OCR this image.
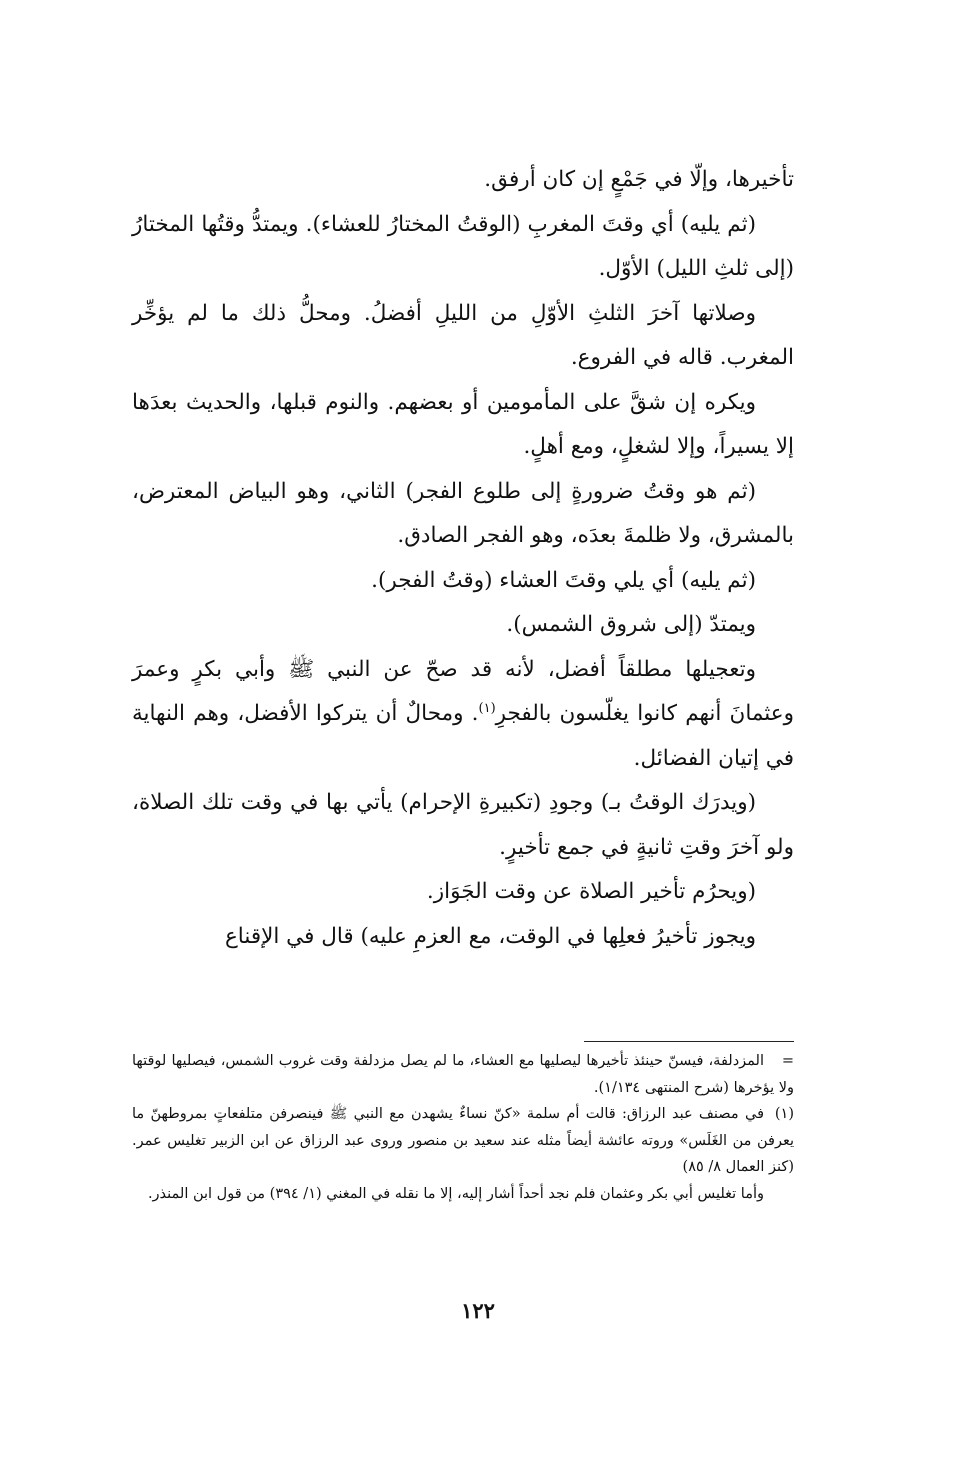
تأخيرها، وإلّا في جَمْعٍ إن كان أرفق.

(ثم يليه) أي وقتَ المغربِ (الوقتُ المختارُ للعشاء). ويمتدُّ وقتُها المختارُ (إلى ثلثِ الليل) الأوّل.

وصلاتها آخرَ الثلثِ الأوّلِ من الليلِ أفضلُ. ومحلُّ ذلك ما لم يؤخِّر المغرب. قاله في الفروع.

ويكره إن شقَّ على المأمومين أو بعضهم. والنوم قبلها، والحديث بعدَها إلا يسيراً، وإلا لشغلٍ، ومع أهلٍ.

(ثم هو وقتُ ضرورةٍ إلى طلوع الفجر) الثاني، وهو البياض المعترض، بالمشرق، ولا ظلمةَ بعدَه، وهو الفجر الصادق.

(ثم يليه) أي يلي وقتَ العشاء (وقتُ الفجر).

ويمتدّ (إلى شروق الشمس).

وتعجيلها مطلقاً أفضل، لأنه قد صحّ عن النبي ﷺ وأبي بكرٍ وعمرَ وعثمانَ أنهم كانوا يغلّسون بالفجرِ$^{(١)}$. ومحالٌ أن يتركوا الأفضل، وهم النهاية في إتيان الفضائل.

(ويدرَك الوقتُ بـ) وجودِ (تكبيرةِ الإحرام) يأتي بها في وقت تلك الصلاة، ولو آخرَ وقتِ ثانيةٍ في جمع تأخيرٍ.

(ويحرُم تأخير الصلاة عن وقت الجَوَاز.

ويجوز تأخيرُ فعلِها في الوقت، مع العزمِ عليه) قال في الإقناع

=المزدلفة، فيسنّ حينئذ تأخيرها ليصليها مع العشاء، ما لم يصل مزدلفة وقت غروب الشمس، فيصليها لوقتها ولا يؤخرها (شرح المنتهى ١/١٣٤).

(١)في مصنف عبد الرزاق: قالت أم سلمة «كنّ نساءٌ يشهدن مع النبي ﷺ فينصرفن متلفعاتٍ بمروطهنّ ما يعرفن من الغَلَس» وروته عائشة أيضاً مثله عند سعيد بن منصور وروى عبد الرزاق عن ابن الزبير تغليس عمر. (كنز العمال ٨/ ٨٥)

وأما تغليس أبي بكر وعثمان فلم نجد أحداً أشار إليه، إلا ما نقله في المغني (١/ ٣٩٤) من قول ابن المنذر.

١٢٢
